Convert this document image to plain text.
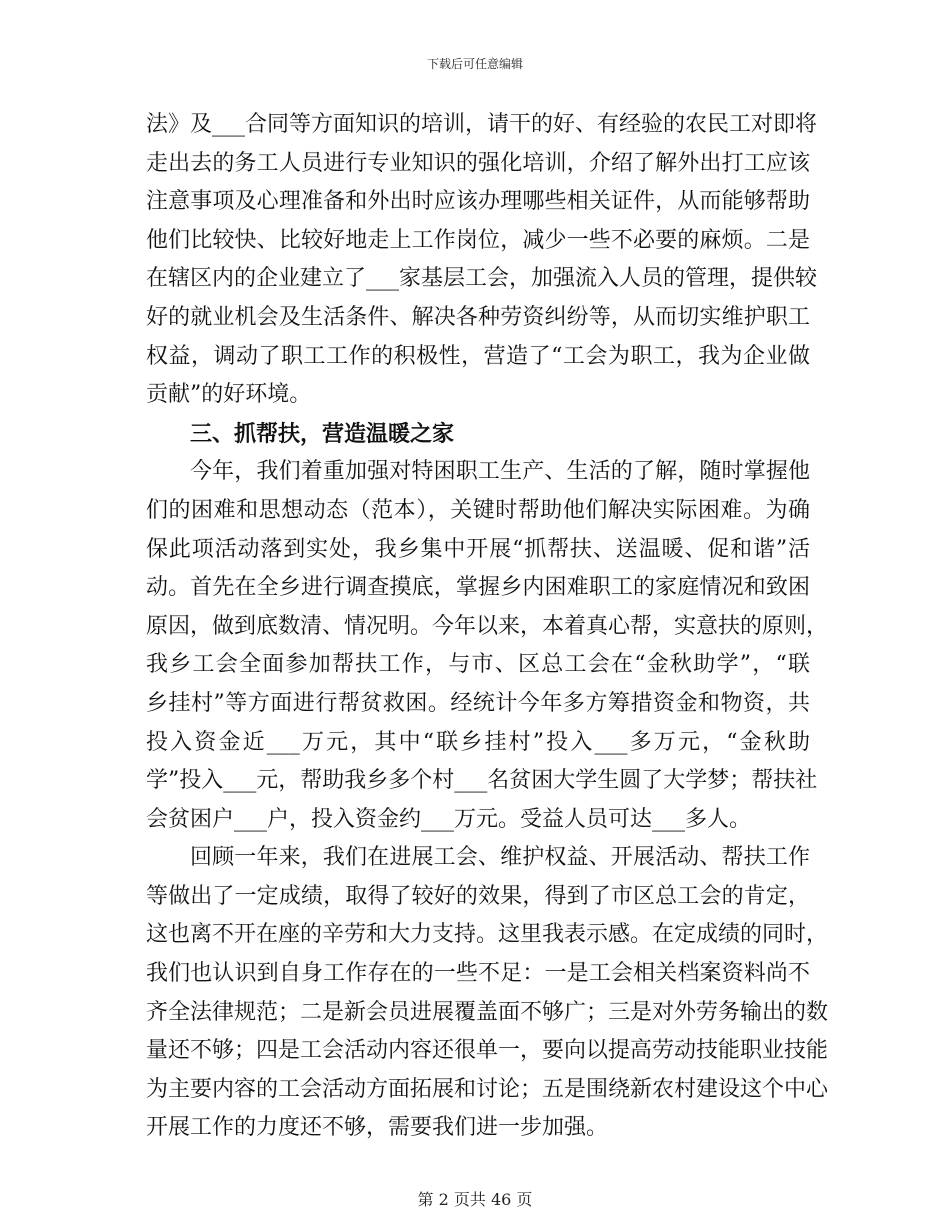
下载后可任意编辑
法》及___合同等方面知识的培训，请干的好、有经验的农民工对即将
走出去的务工人员进行专业知识的强化培训，介绍了解外出打工应该
注意事项及心理准备和外出时应该办理哪些相关证件，从而能够帮助
他们比较快、比较好地走上工作岗位，减少一些不必要的麻烦。二是
在辖区内的企业建立了___家基层工会，加强流入人员的管理，提供较
好的就业机会及生活条件、解决各种劳资纠纷等，从而切实维护职工
权益，调动了职工工作的积极性，营造了“工会为职工，我为企业做
贡献”的好环境。
三、抓帮扶，营造温暖之家
今年，我们着重加强对特困职工生产、生活的了解，随时掌握他
们的困难和思想动态（范本），关键时帮助他们解决实际困难。为确
保此项活动落到实处，我乡集中开展“抓帮扶、送温暖、促和谐”活
动。首先在全乡进行调查摸底，掌握乡内困难职工的家庭情况和致困
原因，做到底数清、情况明。今年以来，本着真心帮，实意扶的原则，
我乡工会全面参加帮扶工作，与市、区总工会在“金秋助学”，“联
乡挂村”等方面进行帮贫救困。经统计今年多方筹措资金和物资，共
投入资金近___万元，其中“联乡挂村”投入___多万元，“金秋助
学”投入___元，帮助我乡多个村___名贫困大学生圆了大学梦；帮扶社
会贫困户___户，投入资金约___万元。受益人员可达___多人。
回顾一年来，我们在进展工会、维护权益、开展活动、帮扶工作
等做出了一定成绩，取得了较好的效果，得到了市区总工会的肯定，
这也离不开在座的辛劳和大力支持。这里我表示感。在定成绩的同时，
我们也认识到自身工作存在的一些不足：一是工会相关档案资料尚不
齐全法律规范；二是新会员进展覆盖面不够广；三是对外劳务输出的数
量还不够；四是工会活动内容还很单一，要向以提高劳动技能职业技能
为主要内容的工会活动方面拓展和讨论；五是围绕新农村建设这个中心
开展工作的力度还不够，需要我们进一步加强。
第 2 页共 46 页
